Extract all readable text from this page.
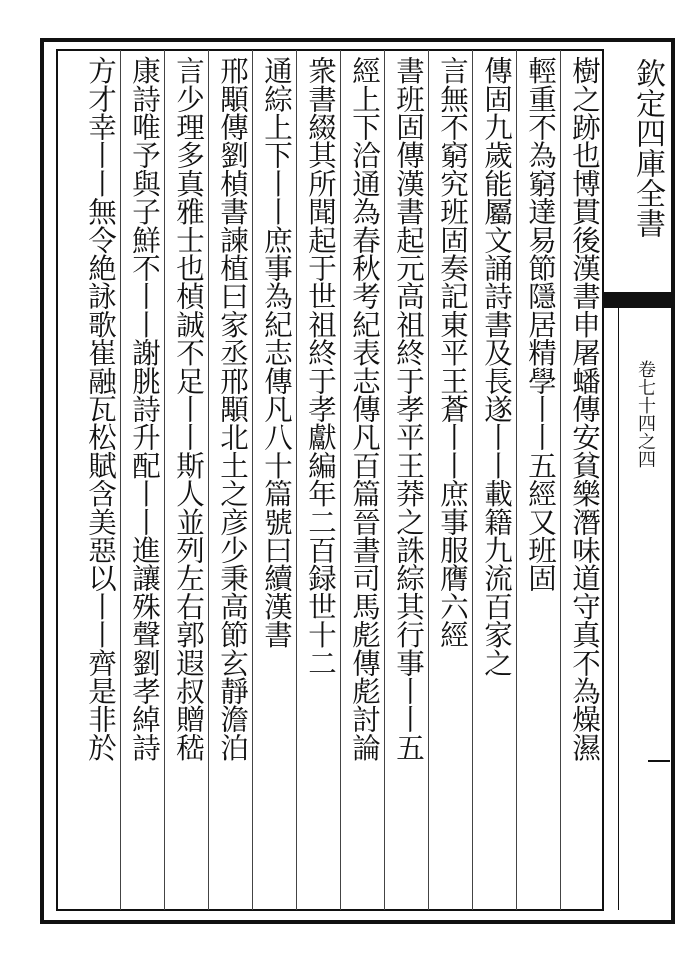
欽定四庫全書
卷七十四之四
樹之跡也博貫後漢書申屠蟠傳安貧樂潛味道守真不為燥濕
輕重不為窮達易節隱居精學丨丨五經又班固
傳固九歲能屬文誦詩書及長遂丨丨載籍九流百家之
言無不窮究班固奏記東平王蒼丨丨庶事服膺六經
書班固傳漢書起元高祖終于孝平王莽之誅綜其行事丨丨五
經上下洽通為春秋考紀表志傳凡百篇晉書司馬彪傳彪討論
衆書綴其所聞起于世祖終于孝獻編年二百録世十二
通綜上下丨丨庶事為紀志傳凡八十篇號曰續漢書
邢顒傳劉楨書諫植曰家丞邢顒北土之彦少秉高節玄靜澹泊
言少理多真雅士也楨誠不足丨丨斯人並列左右郭遐叔贈嵇
康詩唯予與子鮮不丨丨謝朓詩升配丨丨進讓殊聲劉孝綽詩
方才幸丨丨無令絶詠歌崔融瓦松賦含美惡以丨丨齊是非於
